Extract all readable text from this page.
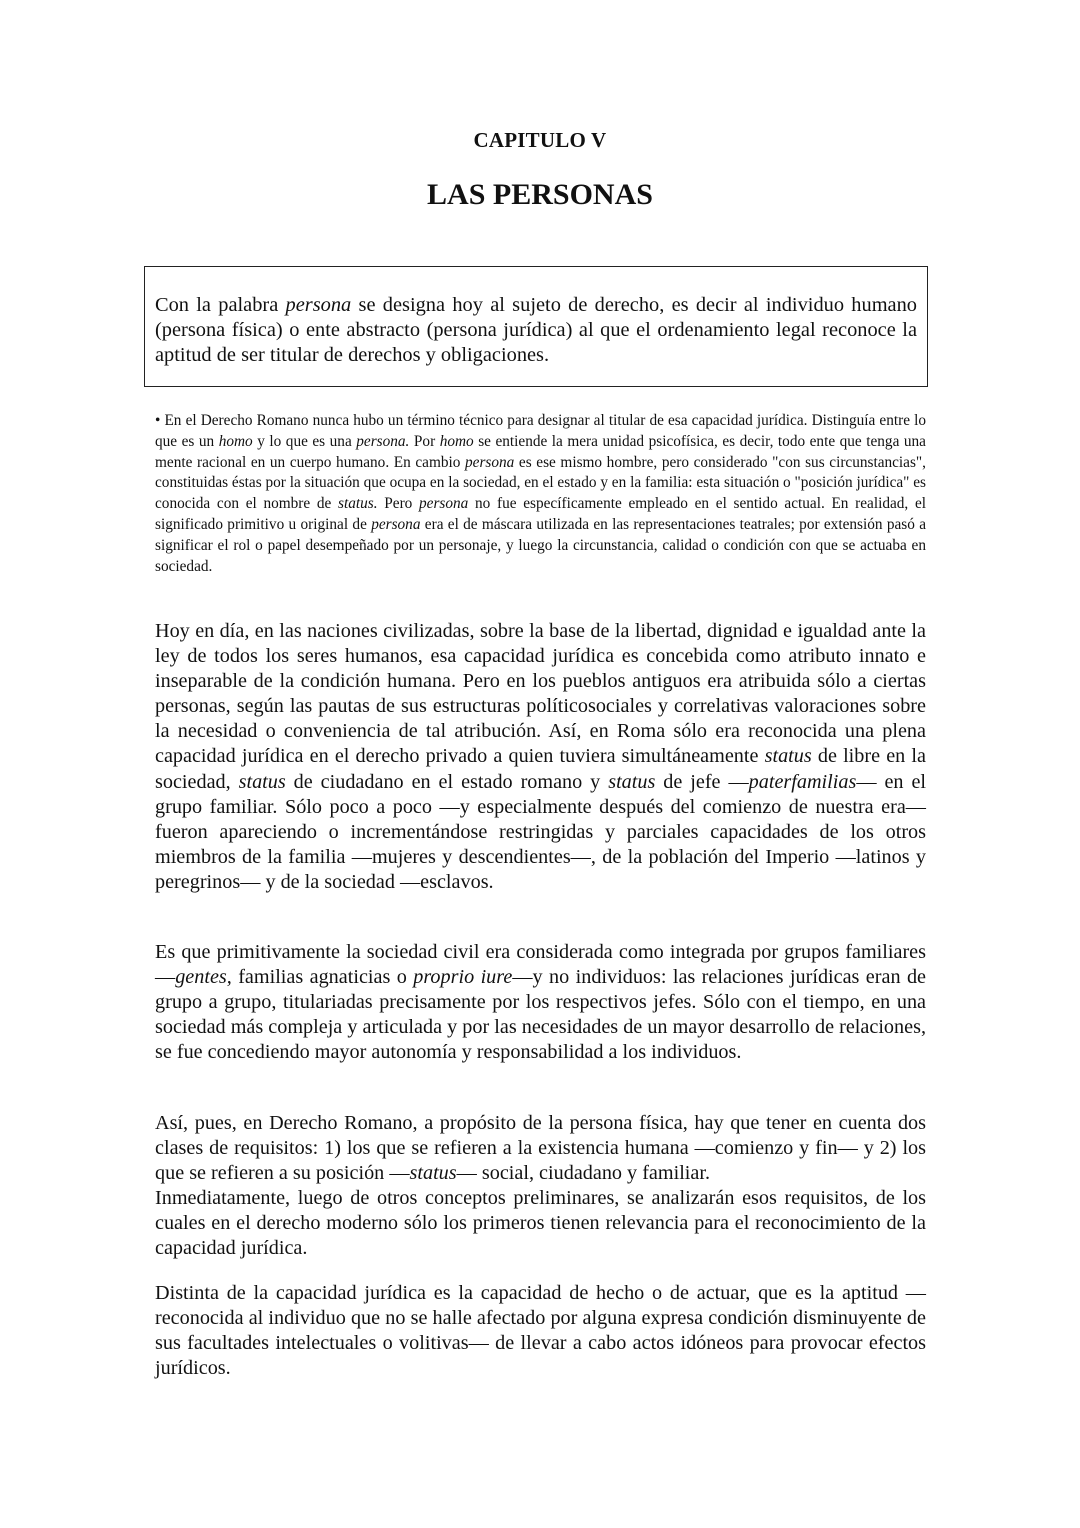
CAPITULO V
LAS PERSONAS
Con la palabra persona se designa hoy al sujeto de derecho, es decir al individuo humano (persona física) o ente abstracto (persona jurídica) al que el ordenamiento legal reconoce la aptitud de ser titular de derechos y obligaciones.
• En el Derecho Romano nunca hubo un término técnico para designar al titular de esa capacidad jurídica. Distinguía entre lo que es un homo y lo que es una persona. Por homo se entiende la mera unidad psicofísica, es decir, todo ente que tenga una mente racional en un cuerpo humano. En cambio persona es ese mismo hombre, pero considerado "con sus circunstancias", constituidas éstas por la situación que ocupa en la sociedad, en el estado y en la familia: esta situación o "posición jurídica" es conocida con el nombre de status. Pero persona no fue específicamente empleado en el sentido actual. En realidad, el significado primitivo u original de persona era el de máscara utilizada en las representaciones teatrales; por extensión pasó a significar el rol o papel desempeñado por un personaje, y luego la circunstancia, calidad o condición con que se actuaba en sociedad.
Hoy en día, en las naciones civilizadas, sobre la base de la libertad, dignidad e igualdad ante la ley de todos los seres humanos, esa capacidad jurídica es concebida como atributo innato e inseparable de la condición humana. Pero en los pueblos antiguos era atribuida sólo a ciertas personas, según las pautas de sus estructuras políticosociales y correlativas valoraciones sobre la necesidad o conveniencia de tal atribución. Así, en Roma sólo era reconocida una plena capacidad jurídica en el derecho privado a quien tuviera simultáneamente status de libre en la sociedad, status de ciudadano en el estado romano y status de jefe —paterfamilias— en el grupo familiar. Sólo poco a poco —y especialmente después del comienzo de nuestra era— fueron apareciendo o incrementándose restringidas y parciales capacidades de los otros miembros de la familia —mujeres y descendientes—, de la población del Imperio —latinos y peregrinos— y de la sociedad —esclavos.
Es que primitivamente la sociedad civil era considerada como integrada por grupos familiares —gentes, familias agnaticias o proprio iure—y no individuos: las relaciones jurídicas eran de grupo a grupo, titulariadas precisamente por los respectivos jefes. Sólo con el tiempo, en una sociedad más compleja y articulada y por las necesidades de un mayor desarrollo de relaciones, se fue concediendo mayor autonomía y responsabilidad a los individuos.
Así, pues, en Derecho Romano, a propósito de la persona física, hay que tener en cuenta dos clases de requisitos: 1) los que se refieren a la existencia humana —comienzo y fin— y 2) los que se refieren a su posición —status— social, ciudadano y familiar.
Inmediatamente, luego de otros conceptos preliminares, se analizarán esos requisitos, de los cuales en el derecho moderno sólo los primeros tienen relevancia para el reconocimiento de la capacidad jurídica.
Distinta de la capacidad jurídica es la capacidad de hecho o de actuar, que es la aptitud —reconocida al individuo que no se halle afectado por alguna expresa condición disminuyente de sus facultades intelectuales o volitivas— de llevar a cabo actos idóneos para provocar efectos jurídicos.
